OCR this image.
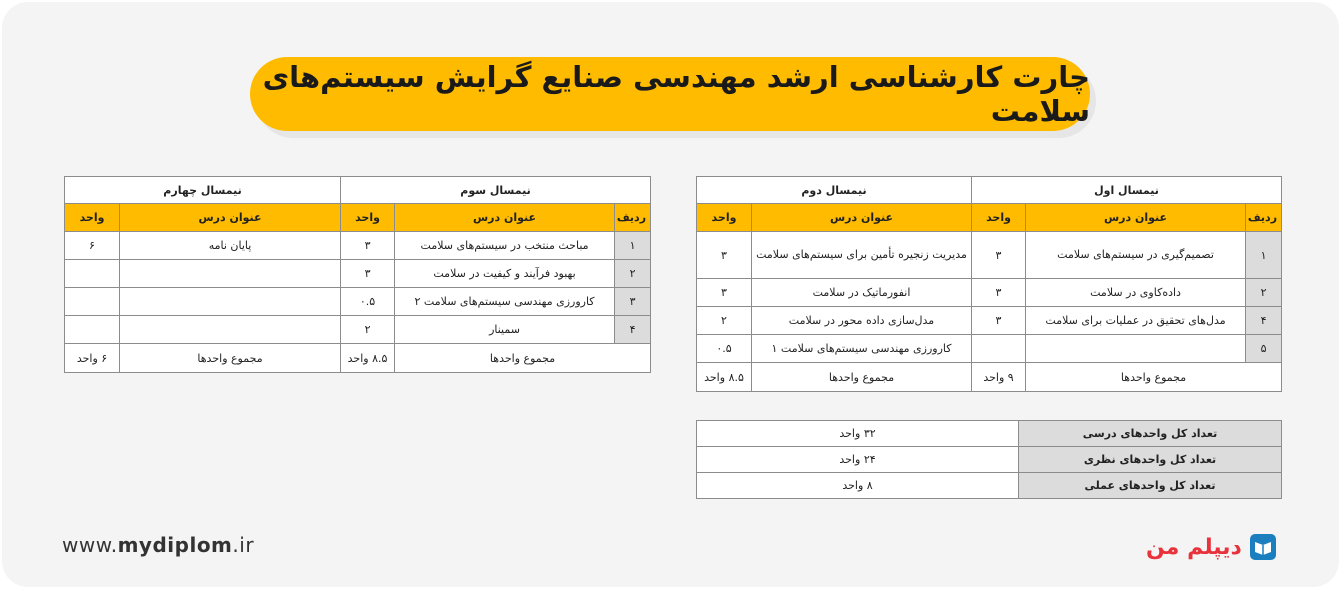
چارت کارشناسی ارشد مهندسی صنایع گرایش سیستم‌های سلامت
نیمسال اول			نیمسال دوم	
ردیف	عنوان درس	واحد	عنوان درس	واحد
۱	تصمیم‌گیری در سیستم‌های سلامت	۳	مدیریت زنجیره تأمین برای سیستم‌های سلامت	۳
۲	داده‌کاوی در سلامت	۳	انفورماتیک در سلامت	۳
۴	مدل‌های تحقیق در عملیات برای سلامت	۳	مدل‌سازی داده محور در سلامت	۲
۵			کارورزی مهندسی سیستم‌های سلامت ۱	۰.۵
مجموع واحدها		۹ واحد	مجموع واحدها	۸.۵ واحد
نیمسال سوم			نیمسال چهارم	
ردیف	عنوان درس	واحد	عنوان درس	واحد
۱	مباحث منتخب در سیستم‌های سلامت	۳	پایان نامه	۶
۲	بهبود فرآیند و کیفیت در سلامت	۳		
۳	کارورزی مهندسی سیستم‌های سلامت ۲	۰.۵		
۴	سمینار	۲		
مجموع واحدها		۸.۵ واحد	مجموع واحدها	۶ واحد
تعداد کل واحدهای درسی	۳۲ واحد
تعداد کل واحدهای نظری	۲۴ واحد
تعداد کل واحدهای عملی	۸ واحد
www.mydiplom.ir	دیپلم من
